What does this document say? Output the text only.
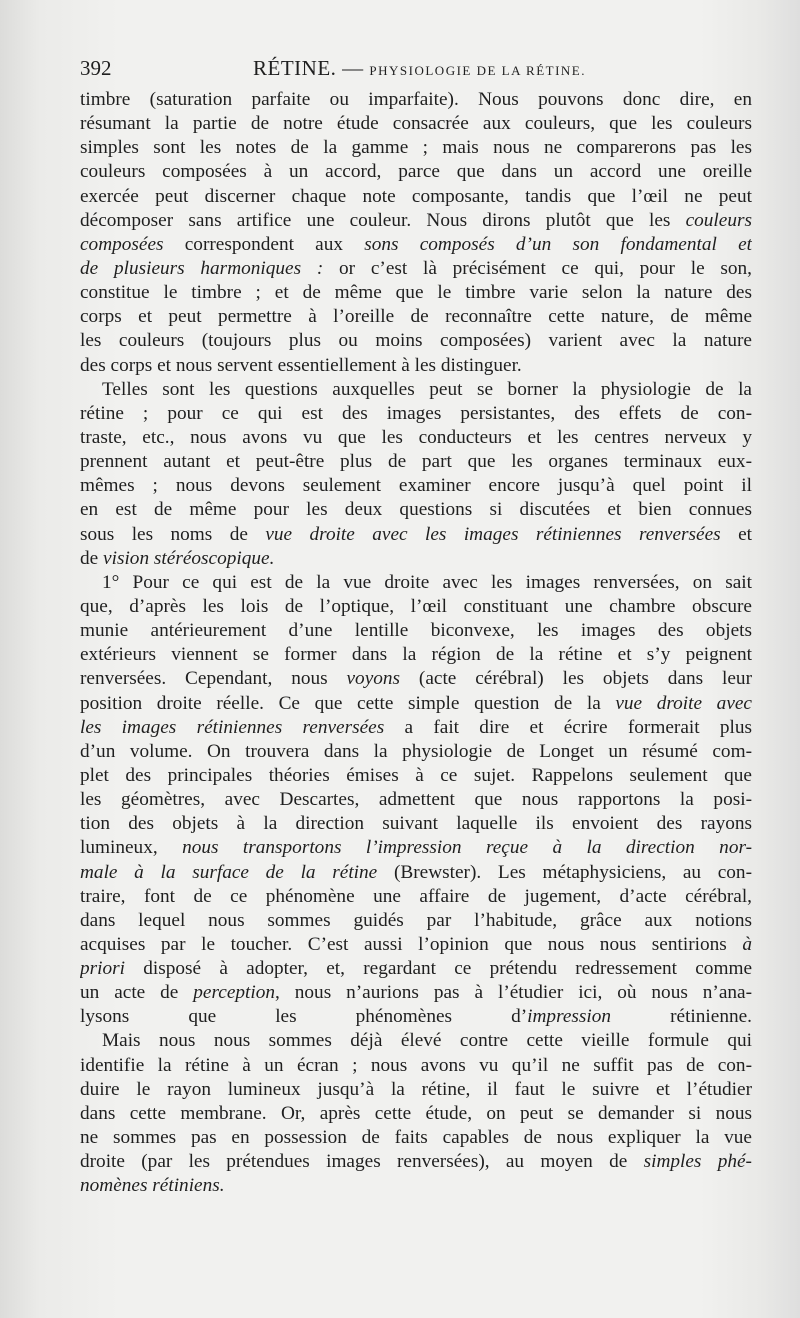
392	RÉTINE. — PHYSIOLOGIE DE LA RÉTINE.
timbre (saturation parfaite ou imparfaite). Nous pouvons donc dire, en
résumant la partie de notre étude consacrée aux couleurs, que les couleurs
simples sont les notes de la gamme ; mais nous ne comparerons pas les
couleurs composées à un accord, parce que dans un accord une oreille
exercée peut discerner chaque note composante, tandis que l’œil ne peut
décomposer sans artifice une couleur. Nous dirons plutôt que les couleurs
composées correspondent aux sons composés d’un son fondamental et
de plusieurs harmoniques : or c’est là précisément ce qui, pour le son,
constitue le timbre ; et de même que le timbre varie selon la nature des
corps et peut permettre à l’oreille de reconnaître cette nature, de même
les couleurs (toujours plus ou moins composées) varient avec la nature
des corps et nous servent essentiellement à les distinguer.
Telles sont les questions auxquelles peut se borner la physiologie de la
rétine ; pour ce qui est des images persistantes, des effets de con-
traste, etc., nous avons vu que les conducteurs et les centres nerveux y
prennent autant et peut-être plus de part que les organes terminaux eux-
mêmes ; nous devons seulement examiner encore jusqu’à quel point il
en est de même pour les deux questions si discutées et bien connues
sous les noms de vue droite avec les images rétiniennes renversées et
de vision stéréoscopique.
1° Pour ce qui est de la vue droite avec les images renversées, on sait
que, d’après les lois de l’optique, l’œil constituant une chambre obscure
munie antérieurement d’une lentille biconvexe, les images des objets
extérieurs viennent se former dans la région de la rétine et s’y peignent
renversées. Cependant, nous voyons (acte cérébral) les objets dans leur
position droite réelle. Ce que cette simple question de la vue droite avec
les images rétiniennes renversées a fait dire et écrire formerait plus
d’un volume. On trouvera dans la physiologie de Longet un résumé com-
plet des principales théories émises à ce sujet. Rappelons seulement que
les géomètres, avec Descartes, admettent que nous rapportons la posi-
tion des objets à la direction suivant laquelle ils envoient des rayons
lumineux, nous transportons l’impression reçue à la direction nor-
male à la surface de la rétine (Brewster). Les métaphysiciens, au con-
traire, font de ce phénomène une affaire de jugement, d’acte cérébral,
dans lequel nous sommes guidés par l’habitude, grâce aux notions
acquises par le toucher. C’est aussi l’opinion que nous nous sentirions à
priori disposé à adopter, et, regardant ce prétendu redressement comme
un acte de perception, nous n’aurions pas à l’étudier ici, où nous n’ana-
lysons que les phénomènes d’impression rétinienne.
Mais nous nous sommes déjà élevé contre cette vieille formule qui
identifie la rétine à un écran ; nous avons vu qu’il ne suffit pas de con-
duire le rayon lumineux jusqu’à la rétine, il faut le suivre et l’étudier
dans cette membrane. Or, après cette étude, on peut se demander si nous
ne sommes pas en possession de faits capables de nous expliquer la vue
droite (par les prétendues images renversées), au moyen de simples phé-
nomènes rétiniens.
